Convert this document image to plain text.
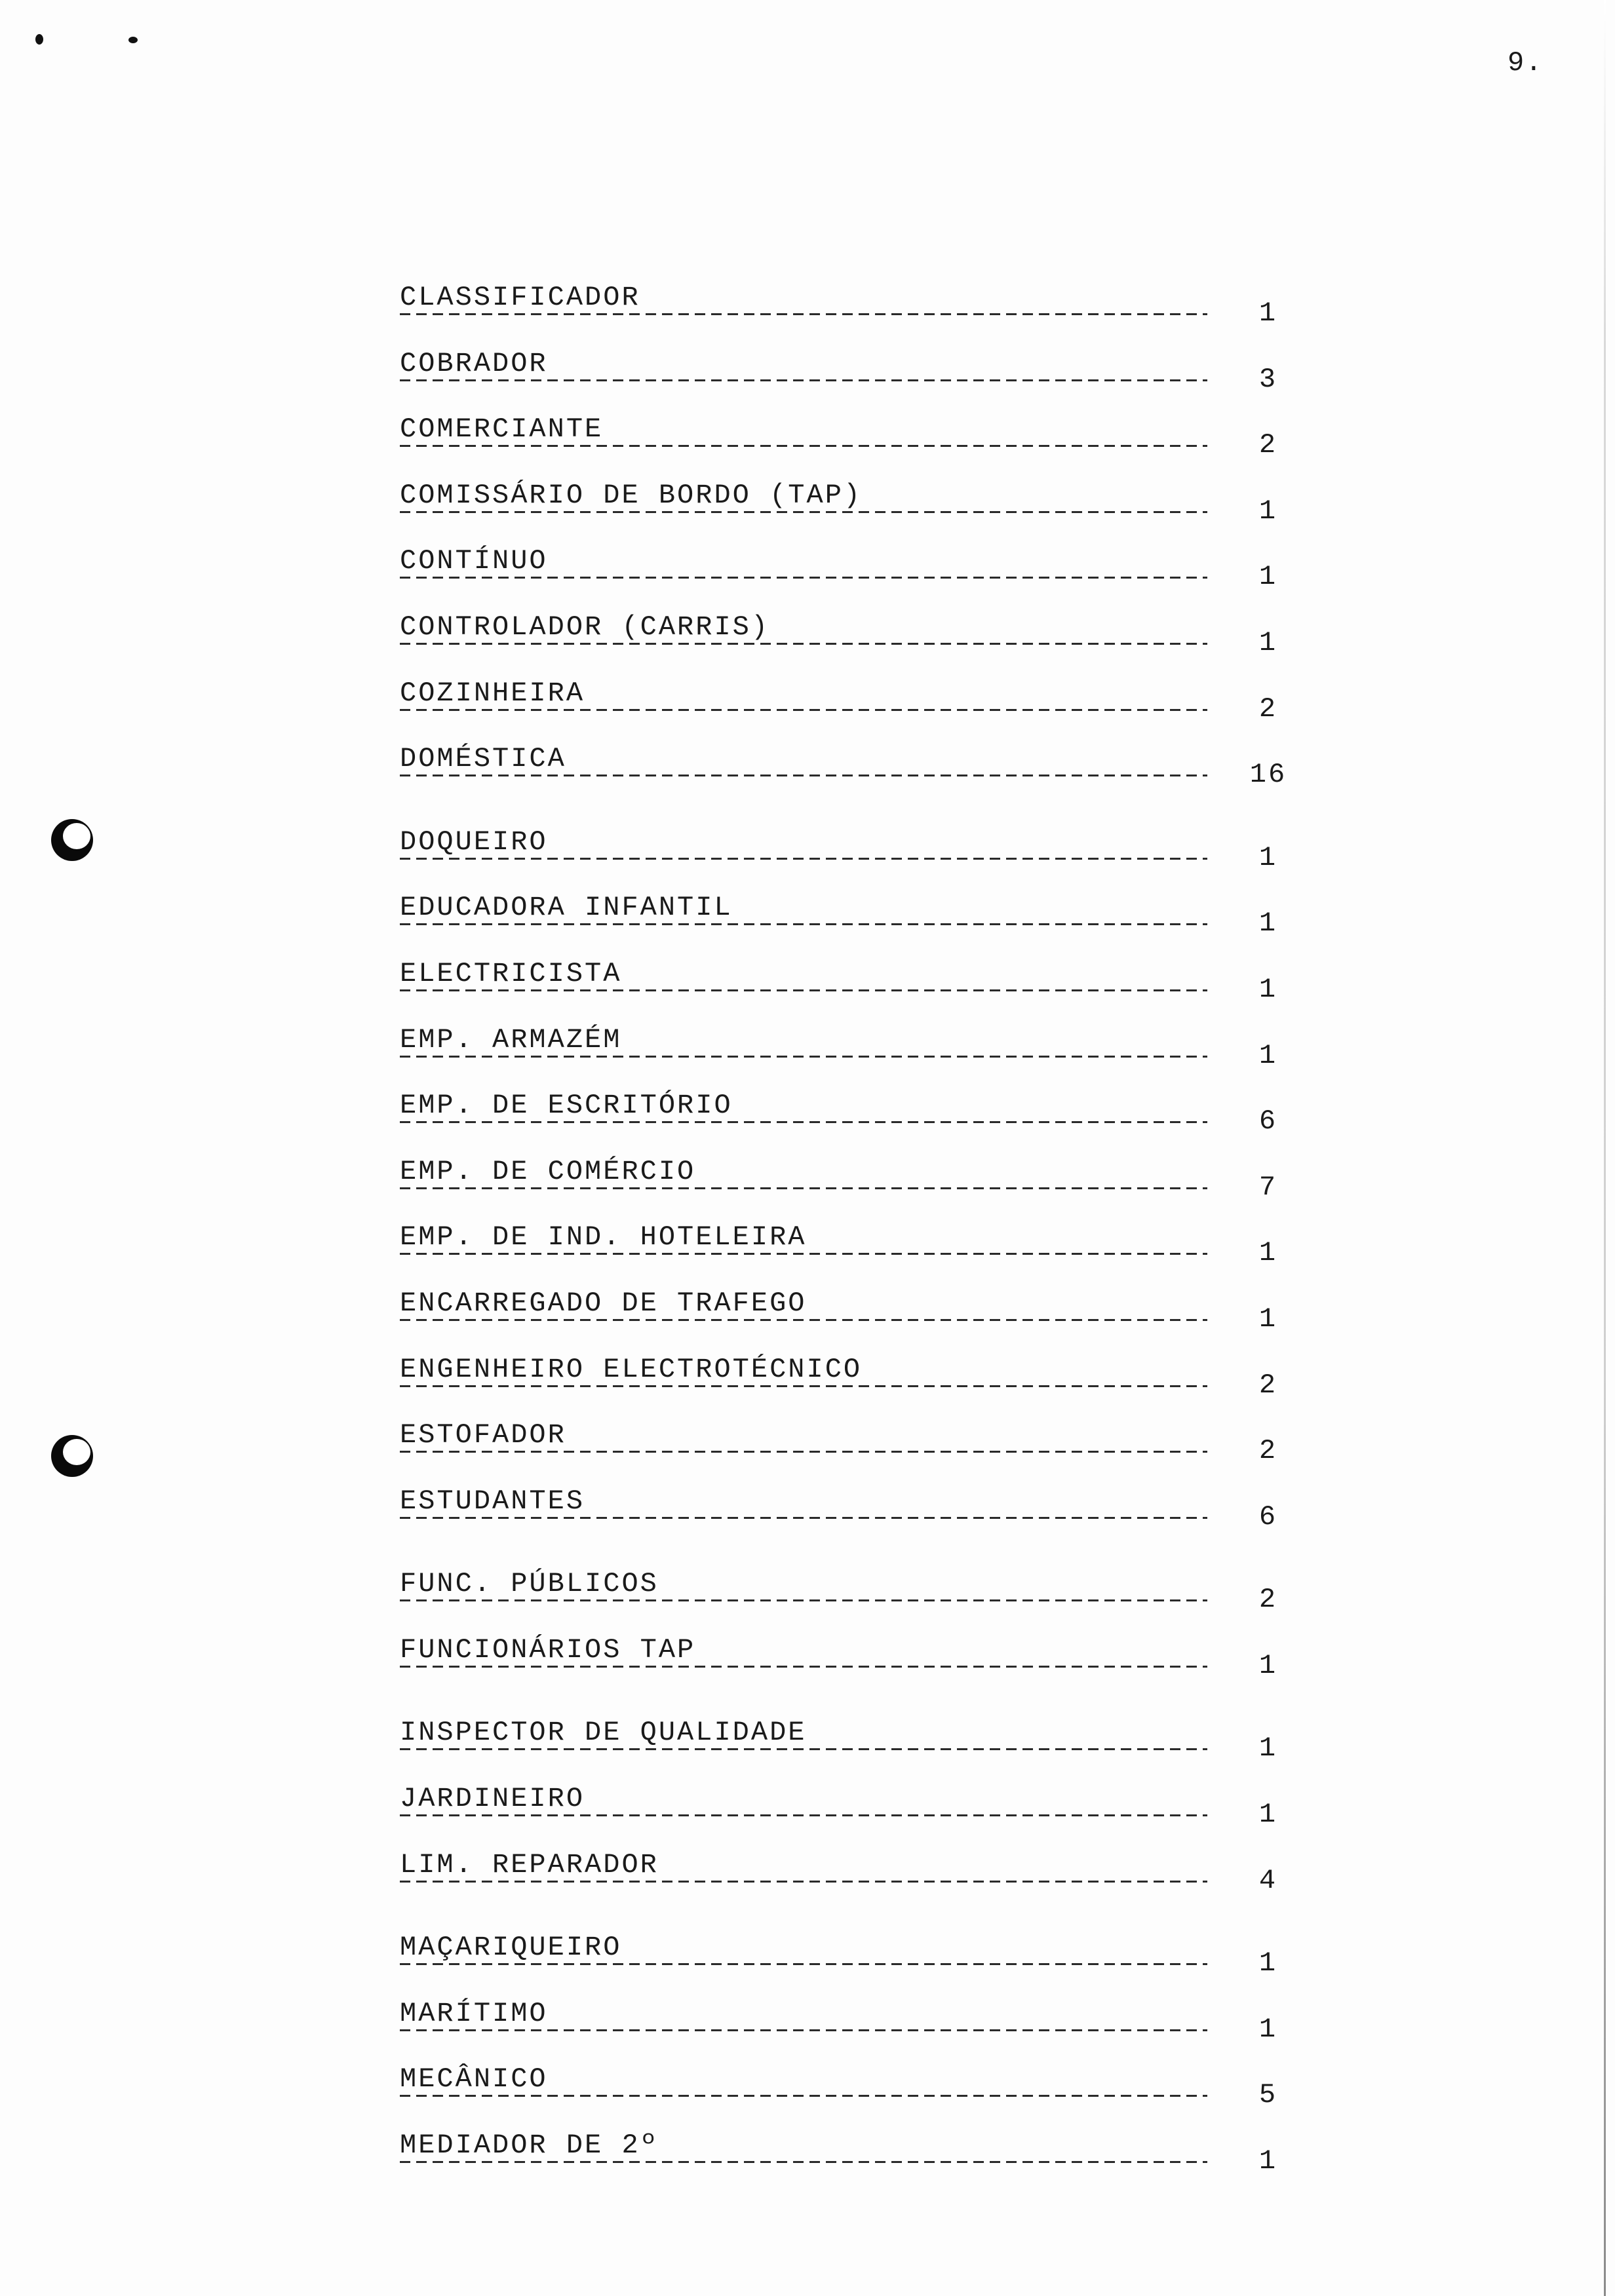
9.
CLASSIFICADOR	1
COBRADOR	3
COMERCIANTE	2
COMISSÁRIO DE BORDO (TAP)	1
CONTÍNUO	1
CONTROLADOR (CARRIS)	1
COZINHEIRA	2
DOMÉSTICA	16
DOQUEIRO	1
EDUCADORA INFANTIL	1
ELECTRICISTA	1
EMP. ARMAZÉM	1
EMP. DE ESCRITÓRIO	6
EMP. DE COMÉRCIO	7
EMP. DE IND. HOTELEIRA	1
ENCARREGADO DE TRAFEGO	1
ENGENHEIRO ELECTROTÉCNICO	2
ESTOFADOR	2
ESTUDANTES	6
FUNC. PÚBLICOS	2
FUNCIONÁRIOS TAP	1
INSPECTOR DE QUALIDADE	1
JARDINEIRO	1
LIM. REPARADOR	4
MAÇARIQUEIRO	1
MARÍTIMO	1
MECÂNICO	5
MEDIADOR DE 2º	1
